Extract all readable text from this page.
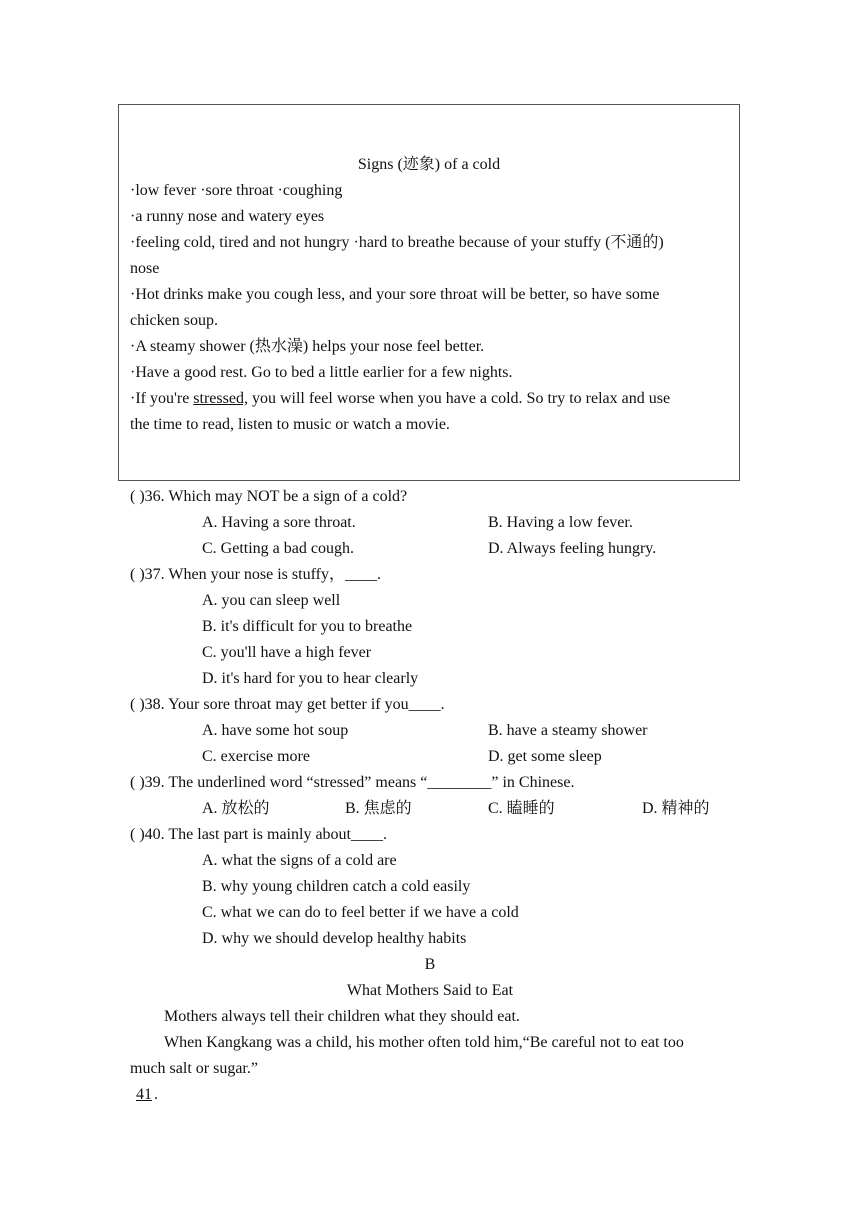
Signs (迹象) of a cold
·low fever ·sore throat ·coughing
·a runny nose and watery eyes
·feeling cold, tired and not hungry ·hard to breathe because of your stuffy (不通的)
nose
·Hot drinks make you cough less, and your sore throat will be better, so have some
chicken soup.
·A steamy shower (热水澡) helps your nose feel better.
·Have a good rest. Go to bed a little earlier for a few nights.
·If you're stressed, you will feel worse when you have a cold. So try to relax and use
the time to read, listen to music or watch a movie.
( )36. Which may NOT be a sign of a cold?
A. Having a sore throat.	B. Having a low fever.
C. Getting a bad cough.	D. Always feeling hungry.
( )37. When your nose is stuffy，____.
A. you can sleep well
B. it's difficult for you to breathe
C. you'll have a high fever
D. it's hard for you to hear clearly
( )38. Your sore throat may get better if you____.
A. have some hot soup	B. have a steamy shower
C. exercise more	D. get some sleep
( )39. The underlined word “stressed” means “________” in Chinese.
A. 放松的	B. 焦虑的	C. 瞌睡的	D. 精神的
( )40. The last part is mainly about____.
A. what the signs of a cold are
B. why young children catch a cold easily
C. what we can do to feel better if we have a cold
D. why we should develop healthy habits
B
What Mothers Said to Eat
Mothers always tell their children what they should eat.
When Kangkang was a child, his mother often told him,“Be careful not to eat too
much salt or sugar.”
41 .
